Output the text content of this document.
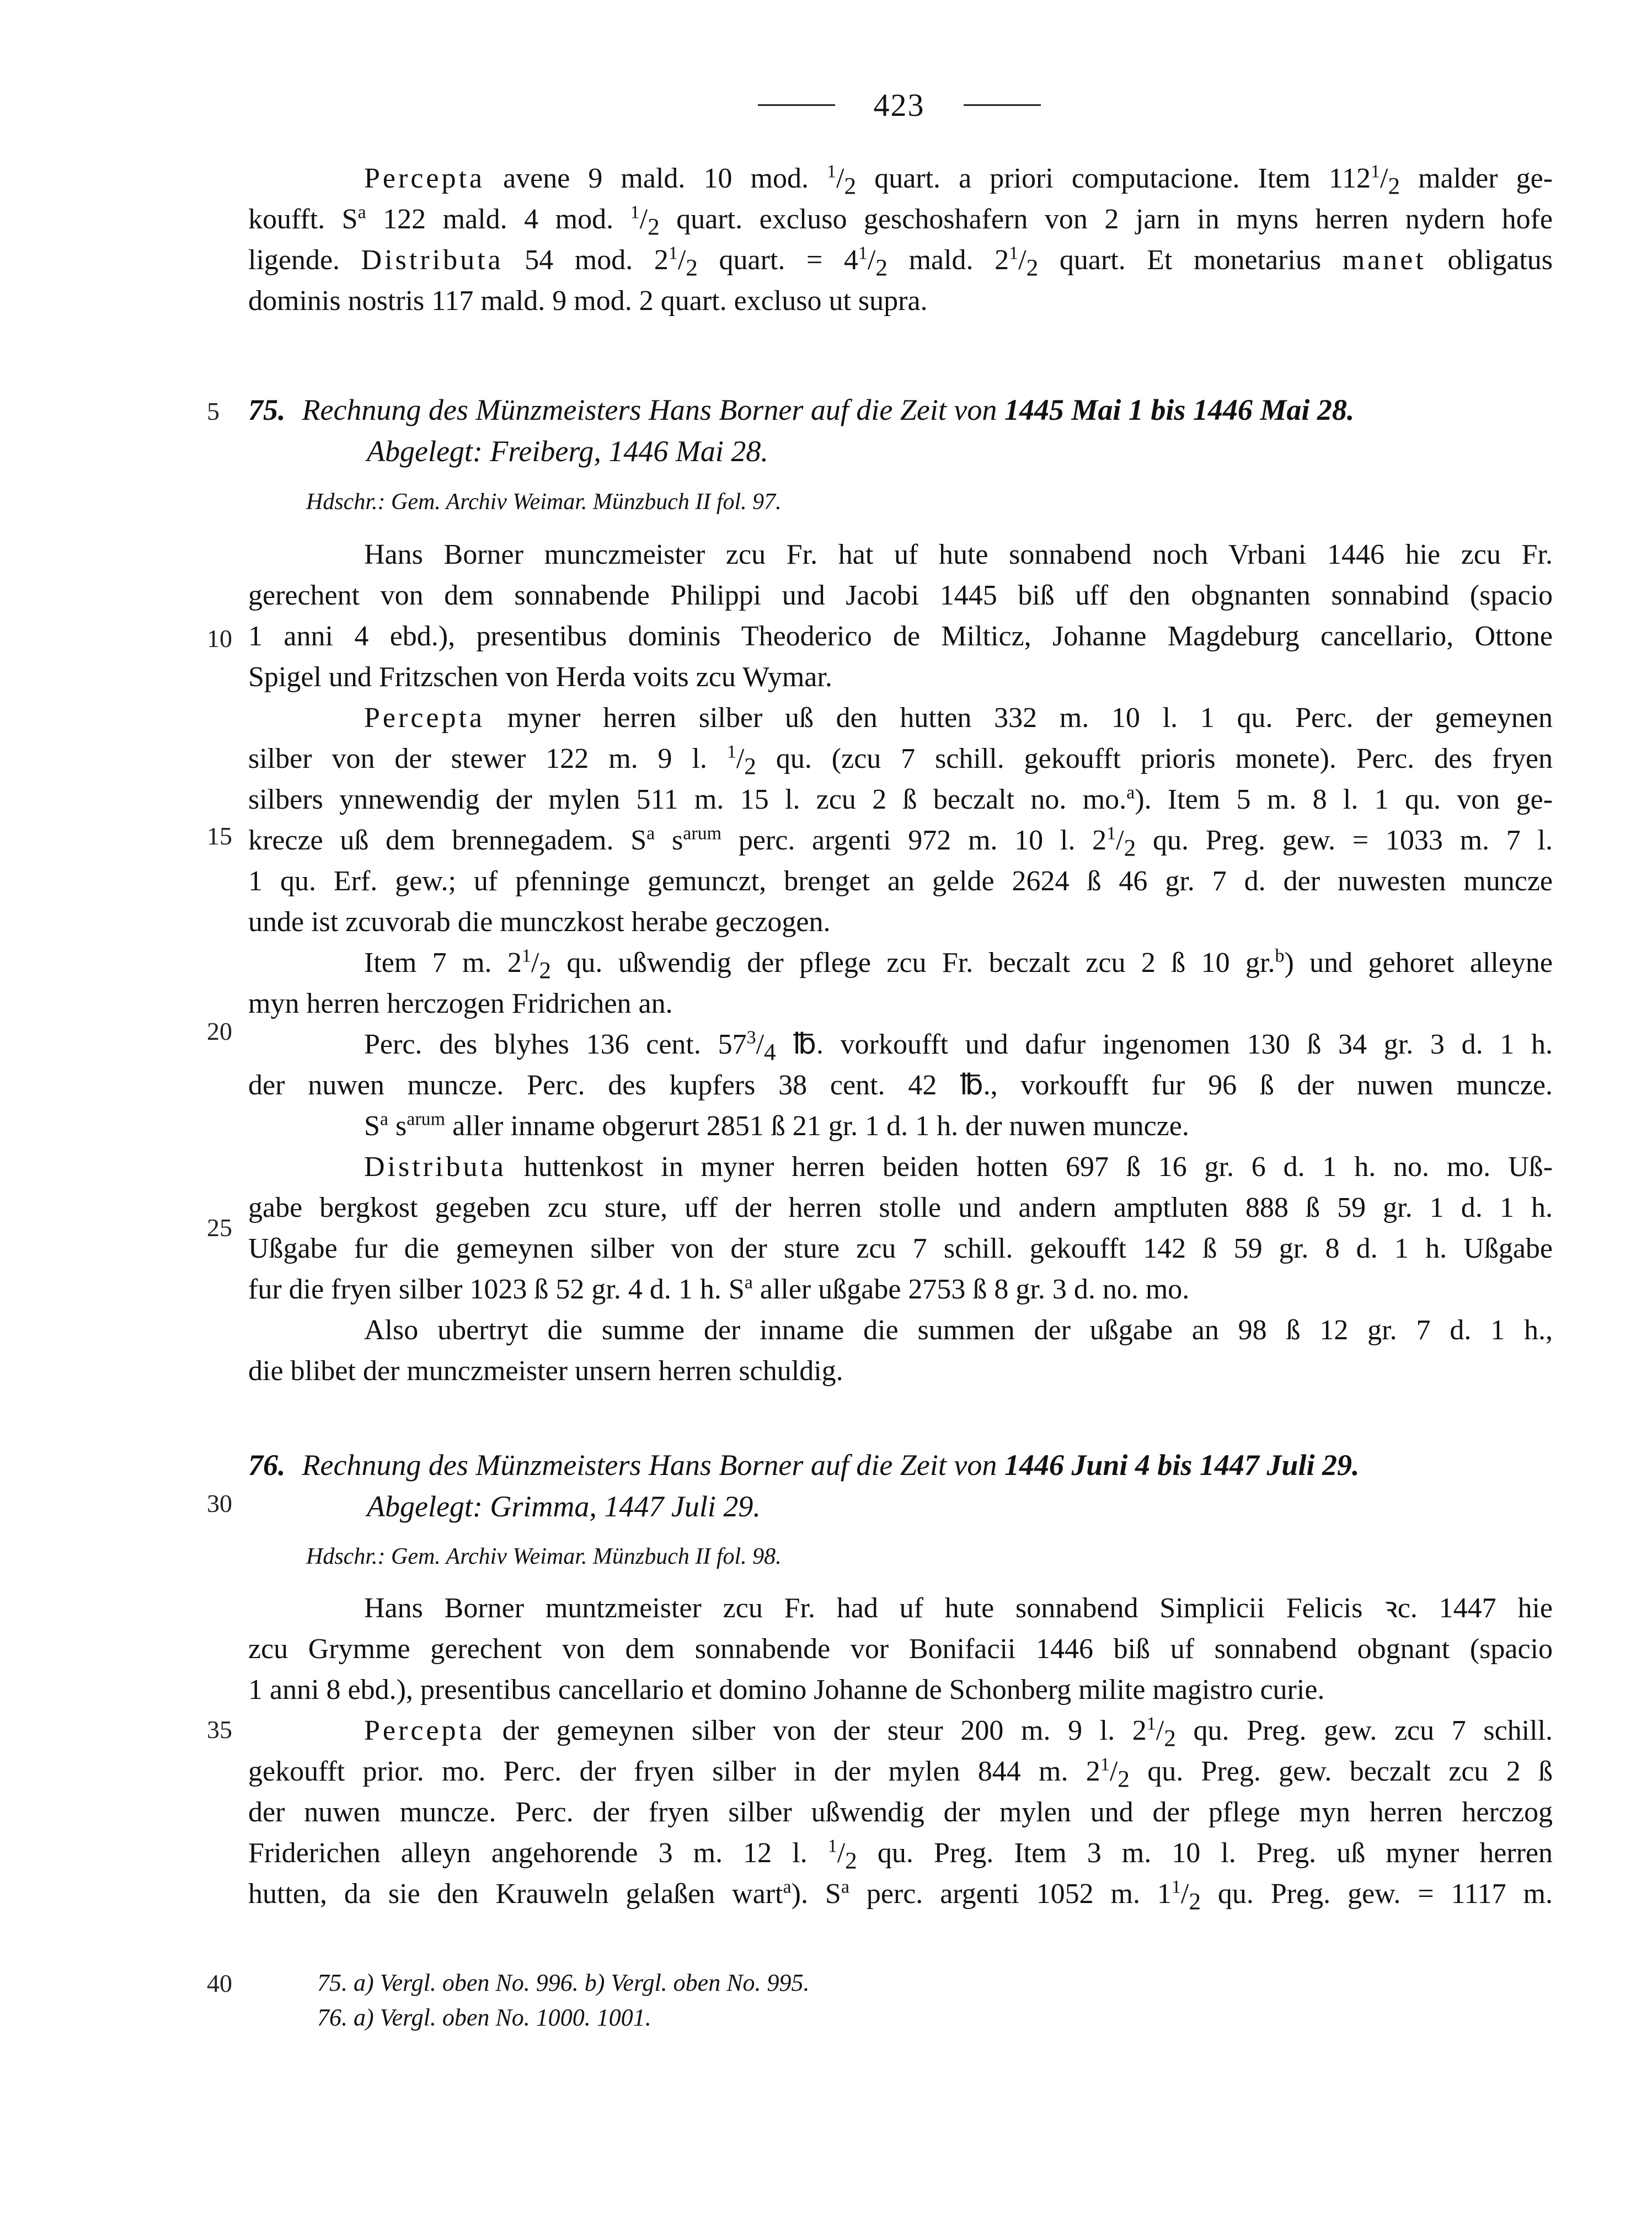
423
Percepta avene 9 mald. 10 mod. $^1/_2$ quart. a priori computacione. Item $112^1/_2$ malder ge-
koufft. $S^a$ 122 mald. 4 mod. $^1/_2$ quart. excluso geschoshafern von 2 jarn in myns herren nydern hofe
ligende. Distributa 54 mod. $2^1/_2$ quart. = $4^1/_2$ mald. $2^1/_2$ quart. Et monetarius manet obligatus
dominis nostris 117 mald. 9 mod. 2 quart. excluso ut supra.
5
10
15
20
25
30
35
40
75. Rechnung des Münzmeisters Hans Borner auf die Zeit von 1445 Mai 1 bis 1446 Mai 28.
Abgelegt: Freiberg, 1446 Mai 28.
Hdschr.: Gem. Archiv Weimar. Münzbuch II fol. 97.
Hans Borner munczmeister zcu Fr. hat uf hute sonnabend noch Vrbani 1446 hie zcu Fr.
gerechent von dem sonnabende Philippi und Jacobi 1445 biß uff den obgnanten sonnabind (spacio
1 anni 4 ebd.), presentibus dominis Theoderico de Milticz, Johanne Magdeburg cancellario, Ottone
Spigel und Fritzschen von Herda voits zcu Wymar.
Percepta myner herren silber uß den hutten 332 m. 10 l. 1 qu. Perc. der gemeynen
silber von der stewer 122 m. 9 l. $^1/_2$ qu. (zcu 7 schill. gekoufft prioris monete). Perc. des fryen
silbers ynnewendig der mylen 511 m. 15 l. zcu 2 ß beczalt no. mo.$^a$). Item 5 m. 8 l. 1 qu. von ge-
krecze uß dem brennegadem. $S^a$ $s^{arum}$ perc. argenti 972 m. 10 l. $2^1/_2$ qu. Preg. gew. = 1033 m. 7 l.
1 qu. Erf. gew.; uf pfenninge gemunczt, brenget an gelde 2624 ß 46 gr. 7 d. der nuwesten muncze
unde ist zcuvorab die munczkost herabe geczogen.
Item 7 m. $2^1/_2$ qu. ußwendig der pflege zcu Fr. beczalt zcu 2 ß 10 gr.$^b$) und gehoret alleyne
myn herren herczogen Fridrichen an.
Perc. des blyhes 136 cent. $57^3/_4$ ℔. vorkoufft und dafur ingenomen 130 ß 34 gr. 3 d. 1 h.
der nuwen muncze. Perc. des kupfers 38 cent. 42 ℔., vorkoufft fur 96 ß der nuwen muncze.
$S^a$ $s^{arum}$ aller inname obgerurt 2851 ß 21 gr. 1 d. 1 h. der nuwen muncze.
Distributa huttenkost in myner herren beiden hotten 697 ß 16 gr. 6 d. 1 h. no. mo. Uß-
gabe bergkost gegeben zcu sture, uff der herren stolle und andern amptluten 888 ß 59 gr. 1 d. 1 h.
Ußgabe fur die gemeynen silber von der sture zcu 7 schill. gekoufft 142 ß 59 gr. 8 d. 1 h. Ußgabe
fur die fryen silber 1023 ß 52 gr. 4 d. 1 h. $S^a$ aller ußgabe 2753 ß 8 gr. 3 d. no. mo.
Also ubertryt die summe der inname die summen der ußgabe an 98 ß 12 gr. 7 d. 1 h.,
die blibet der munczmeister unsern herren schuldig.
76. Rechnung des Münzmeisters Hans Borner auf die Zeit von 1446 Juni 4 bis 1447 Juli 29.
Abgelegt: Grimma, 1447 Juli 29.
Hdschr.: Gem. Archiv Weimar. Münzbuch II fol. 98.
Hans Borner muntzmeister zcu Fr. had uf hute sonnabend Simplicii Felicis ꝛc. 1447 hie
zcu Grymme gerechent von dem sonnabende vor Bonifacii 1446 biß uf sonnabend obgnant (spacio
1 anni 8 ebd.), presentibus cancellario et domino Johanne de Schonberg milite magistro curie.
Percepta der gemeynen silber von der steur 200 m. 9 l. $2^1/_2$ qu. Preg. gew. zcu 7 schill.
gekoufft prior. mo. Perc. der fryen silber in der mylen 844 m. $2^1/_2$ qu. Preg. gew. beczalt zcu 2 ß
der nuwen muncze. Perc. der fryen silber ußwendig der mylen und der pflege myn herren herczog
Friderichen alleyn angehorende 3 m. 12 l. $^1/_2$ qu. Preg. Item 3 m. 10 l. Preg. uß myner herren
hutten, da sie den Krauweln gelaßen wart$^a$). $S^a$ perc. argenti 1052 m. $1^1/_2$ qu. Preg. gew. = 1117 m.
75. a) Vergl. oben No. 996. b) Vergl. oben No. 995.
76. a) Vergl. oben No. 1000. 1001.
